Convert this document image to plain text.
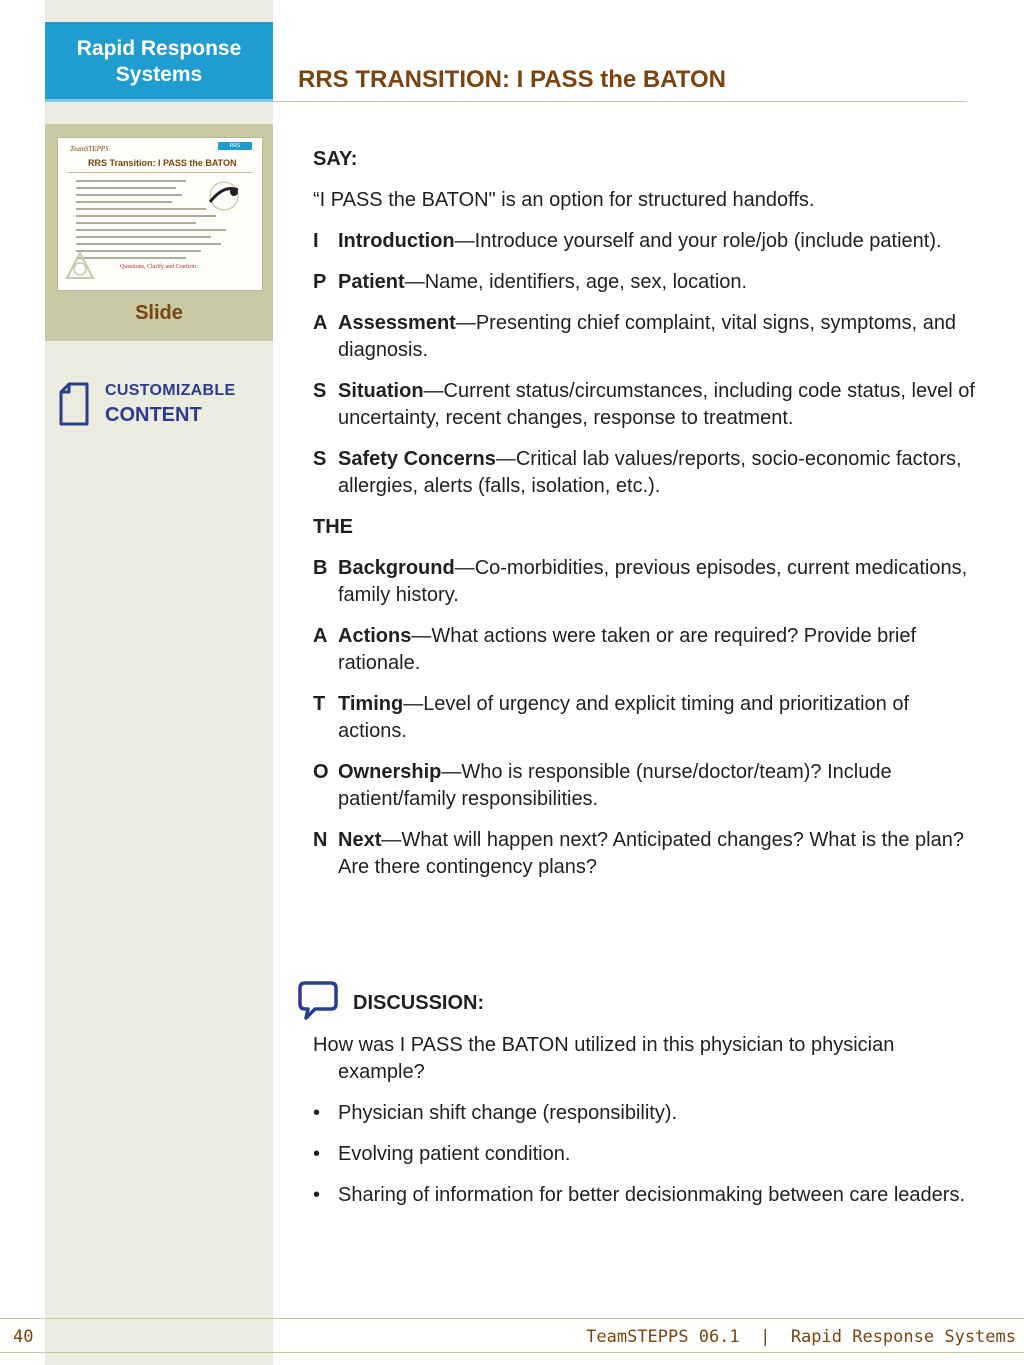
Rapid Response Systems	RRS TRANSITION: I PASS the BATON
TeamSTEPPS	RRS
RRS Transition: I PASS the BATON
Questions, Clarify and Confirm
Slide
CUSTOMIZABLE
CONTENT

SAY:

“I PASS the BATON" is an option for structured handoffs.

I Introduction—Introduce yourself and your role/job (include patient).
P Patient—Name, identifiers, age, sex, location.
A Assessment—Presenting chief complaint, vital signs, symptoms, and diagnosis.
S Situation—Current status/circumstances, including code status, level of uncertainty, recent changes, response to treatment.
S Safety Concerns—Critical lab values/reports, socio-economic factors, allergies, alerts (falls, isolation, etc.).

THE

B Background—Co-morbidities, previous episodes, current medications, family history.
A Actions—What actions were taken or are required? Provide brief rationale.
T Timing—Level of urgency and explicit timing and prioritization of actions.
O Ownership—Who is responsible (nurse/doctor/team)? Include patient/family responsibilities.
N Next—What will happen next? Anticipated changes? What is the plan? Are there contingency plans?
DISCUSSION:

How was I PASS the BATON utilized in this physician to physician example?

• Physician shift change (responsibility).
• Evolving patient condition.
• Sharing of information for better decisionmaking between care leaders.
40	TeamSTEPPS 06.1  |  Rapid Response Systems
